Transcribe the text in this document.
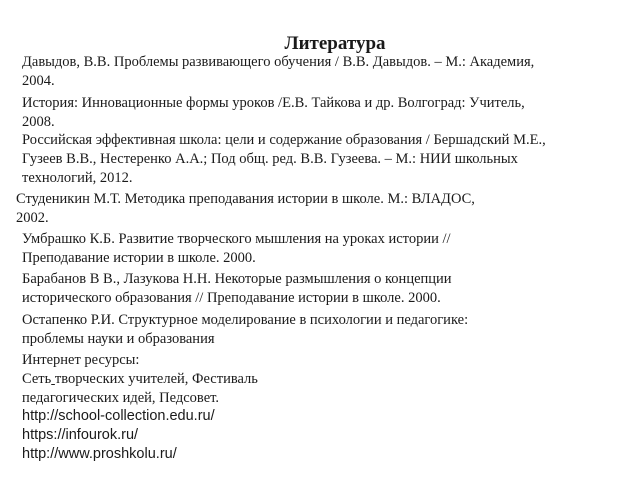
Литература
Давыдов, В.В. Проблемы развивающего обучения / В.В. Давыдов. – М.: Академия,
2004.
История: Инновационные формы уроков /Е.В. Тайкова и др. Волгоград: Учитель,
2008.
Российская эффективная школа: цели и содержание образования / Бершадский М.Е.,
Гузеев В.В., Нестеренко А.А.; Под общ. ред. В.В. Гузеева. – М.: НИИ школьных
технологий, 2012.
Студеникин М.Т. Методика преподавания истории в школе. М.: ВЛАДОС,
2002.
Умбрашко К.Б. Развитие творческого мышления на уроках истории //
Преподавание истории в школе. 2000.
Барабанов В В., Лазукова Н.Н. Некоторые размышления о концепции
исторического образования // Преподавание истории в школе. 2000.
Остапенко Р.И. Структурное моделирование в психологии и педагогике:
проблемы науки и образования
Интернет ресурсы:
Сеть творческих учителей, Фестиваль
педагогических идей, Педсовет.
http://school-collection.edu.ru/
https://infourok.ru/
http://www.proshkolu.ru/
